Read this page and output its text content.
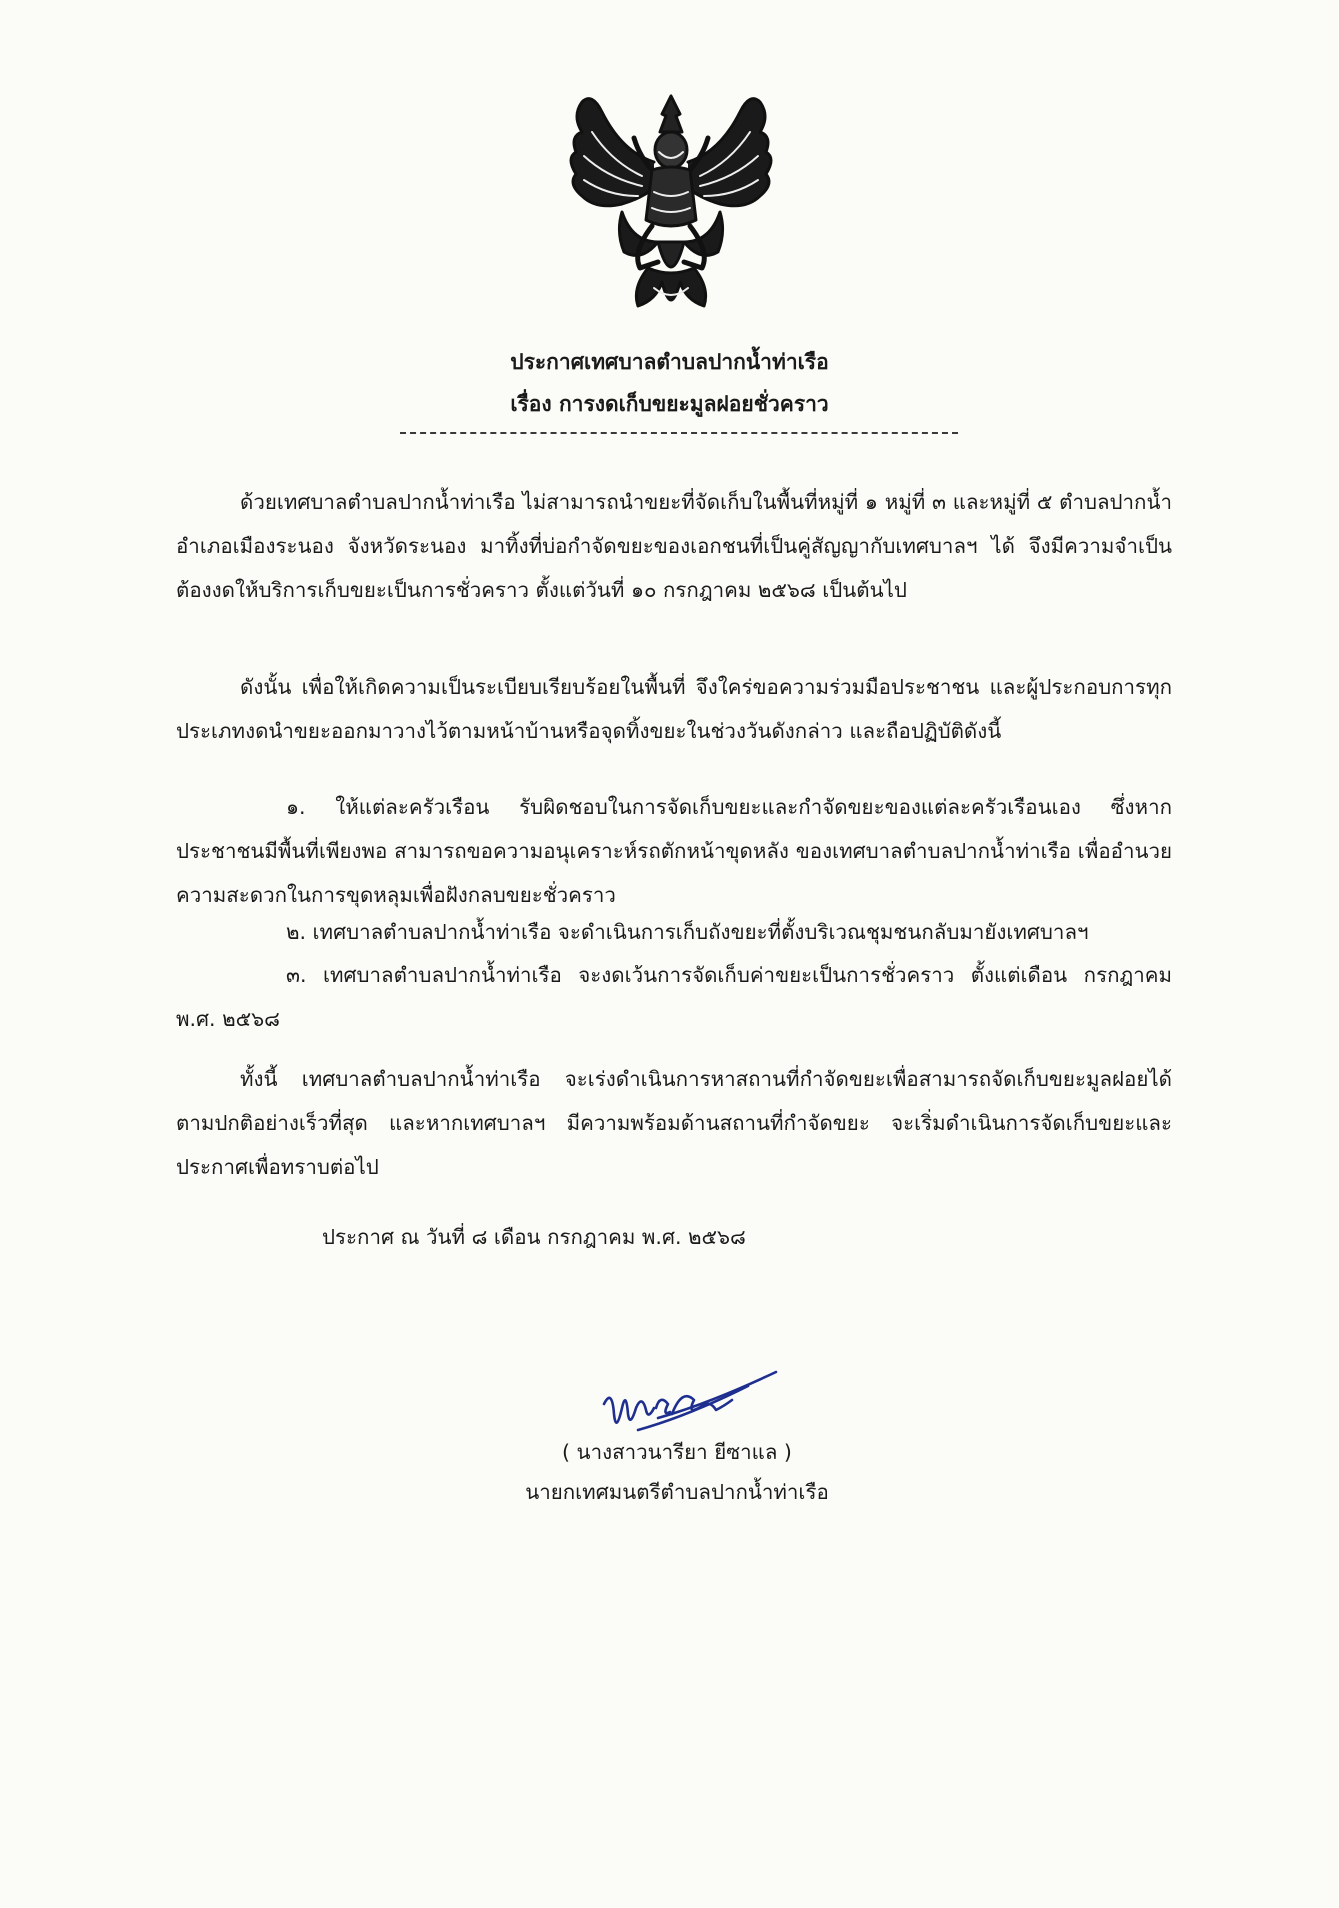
ประกาศเทศบาลตำบลปากน้ำท่าเรือ
เรื่อง การงดเก็บขยะมูลฝอยชั่วคราว

ด้วยเทศบาลตำบลปากน้ำท่าเรือ ไม่สามารถนำขยะที่จัดเก็บในพื้นที่หมู่ที่ ๑ หมู่ที่ ๓ และหมู่ที่ ๕ ตำบลปากน้ำ อำเภอเมืองระนอง จังหวัดระนอง มาทิ้งที่บ่อกำจัดขยะของเอกชนที่เป็นคู่สัญญากับเทศบาลฯ ได้ จึงมีความจำเป็นต้องงดให้บริการเก็บขยะเป็นการชั่วคราว ตั้งแต่วันที่ ๑๐ กรกฎาคม ๒๕๖๘ เป็นต้นไป

ดังนั้น เพื่อให้เกิดความเป็นระเบียบเรียบร้อยในพื้นที่ จึงใคร่ขอความร่วมมือประชาชน และผู้ประกอบการทุกประเภทงดนำขยะออกมาวางไว้ตามหน้าบ้านหรือจุดทิ้งขยะในช่วงวันดังกล่าว และถือปฏิบัติดังนี้

๑. ให้แต่ละครัวเรือน รับผิดชอบในการจัดเก็บขยะและกำจัดขยะของแต่ละครัวเรือนเอง ซึ่งหากประชาชนมีพื้นที่เพียงพอ สามารถขอความอนุเคราะห์รถตักหน้าขุดหลัง ของเทศบาลตำบลปากน้ำท่าเรือ เพื่ออำนวยความสะดวกในการขุดหลุมเพื่อฝังกลบขยะชั่วคราว

๒. เทศบาลตำบลปากน้ำท่าเรือ จะดำเนินการเก็บถังขยะที่ตั้งบริเวณชุมชนกลับมายังเทศบาลฯ

๓. เทศบาลตำบลปากน้ำท่าเรือ จะงดเว้นการจัดเก็บค่าขยะเป็นการชั่วคราว ตั้งแต่เดือน กรกฎาคม พ.ศ. ๒๕๖๘

ทั้งนี้ เทศบาลตำบลปากน้ำท่าเรือ จะเร่งดำเนินการหาสถานที่กำจัดขยะเพื่อสามารถจัดเก็บขยะมูลฝอยได้ตามปกติอย่างเร็วที่สุด และหากเทศบาลฯ มีความพร้อมด้านสถานที่กำจัดขยะ จะเริ่มดำเนินการจัดเก็บขยะและประกาศเพื่อทราบต่อไป

ประกาศ ณ วันที่ ๘ เดือน กรกฎาคม พ.ศ. ๒๕๖๘
( นางสาวนารียา ยีซาแล )
นายกเทศมนตรีตำบลปากน้ำท่าเรือ
